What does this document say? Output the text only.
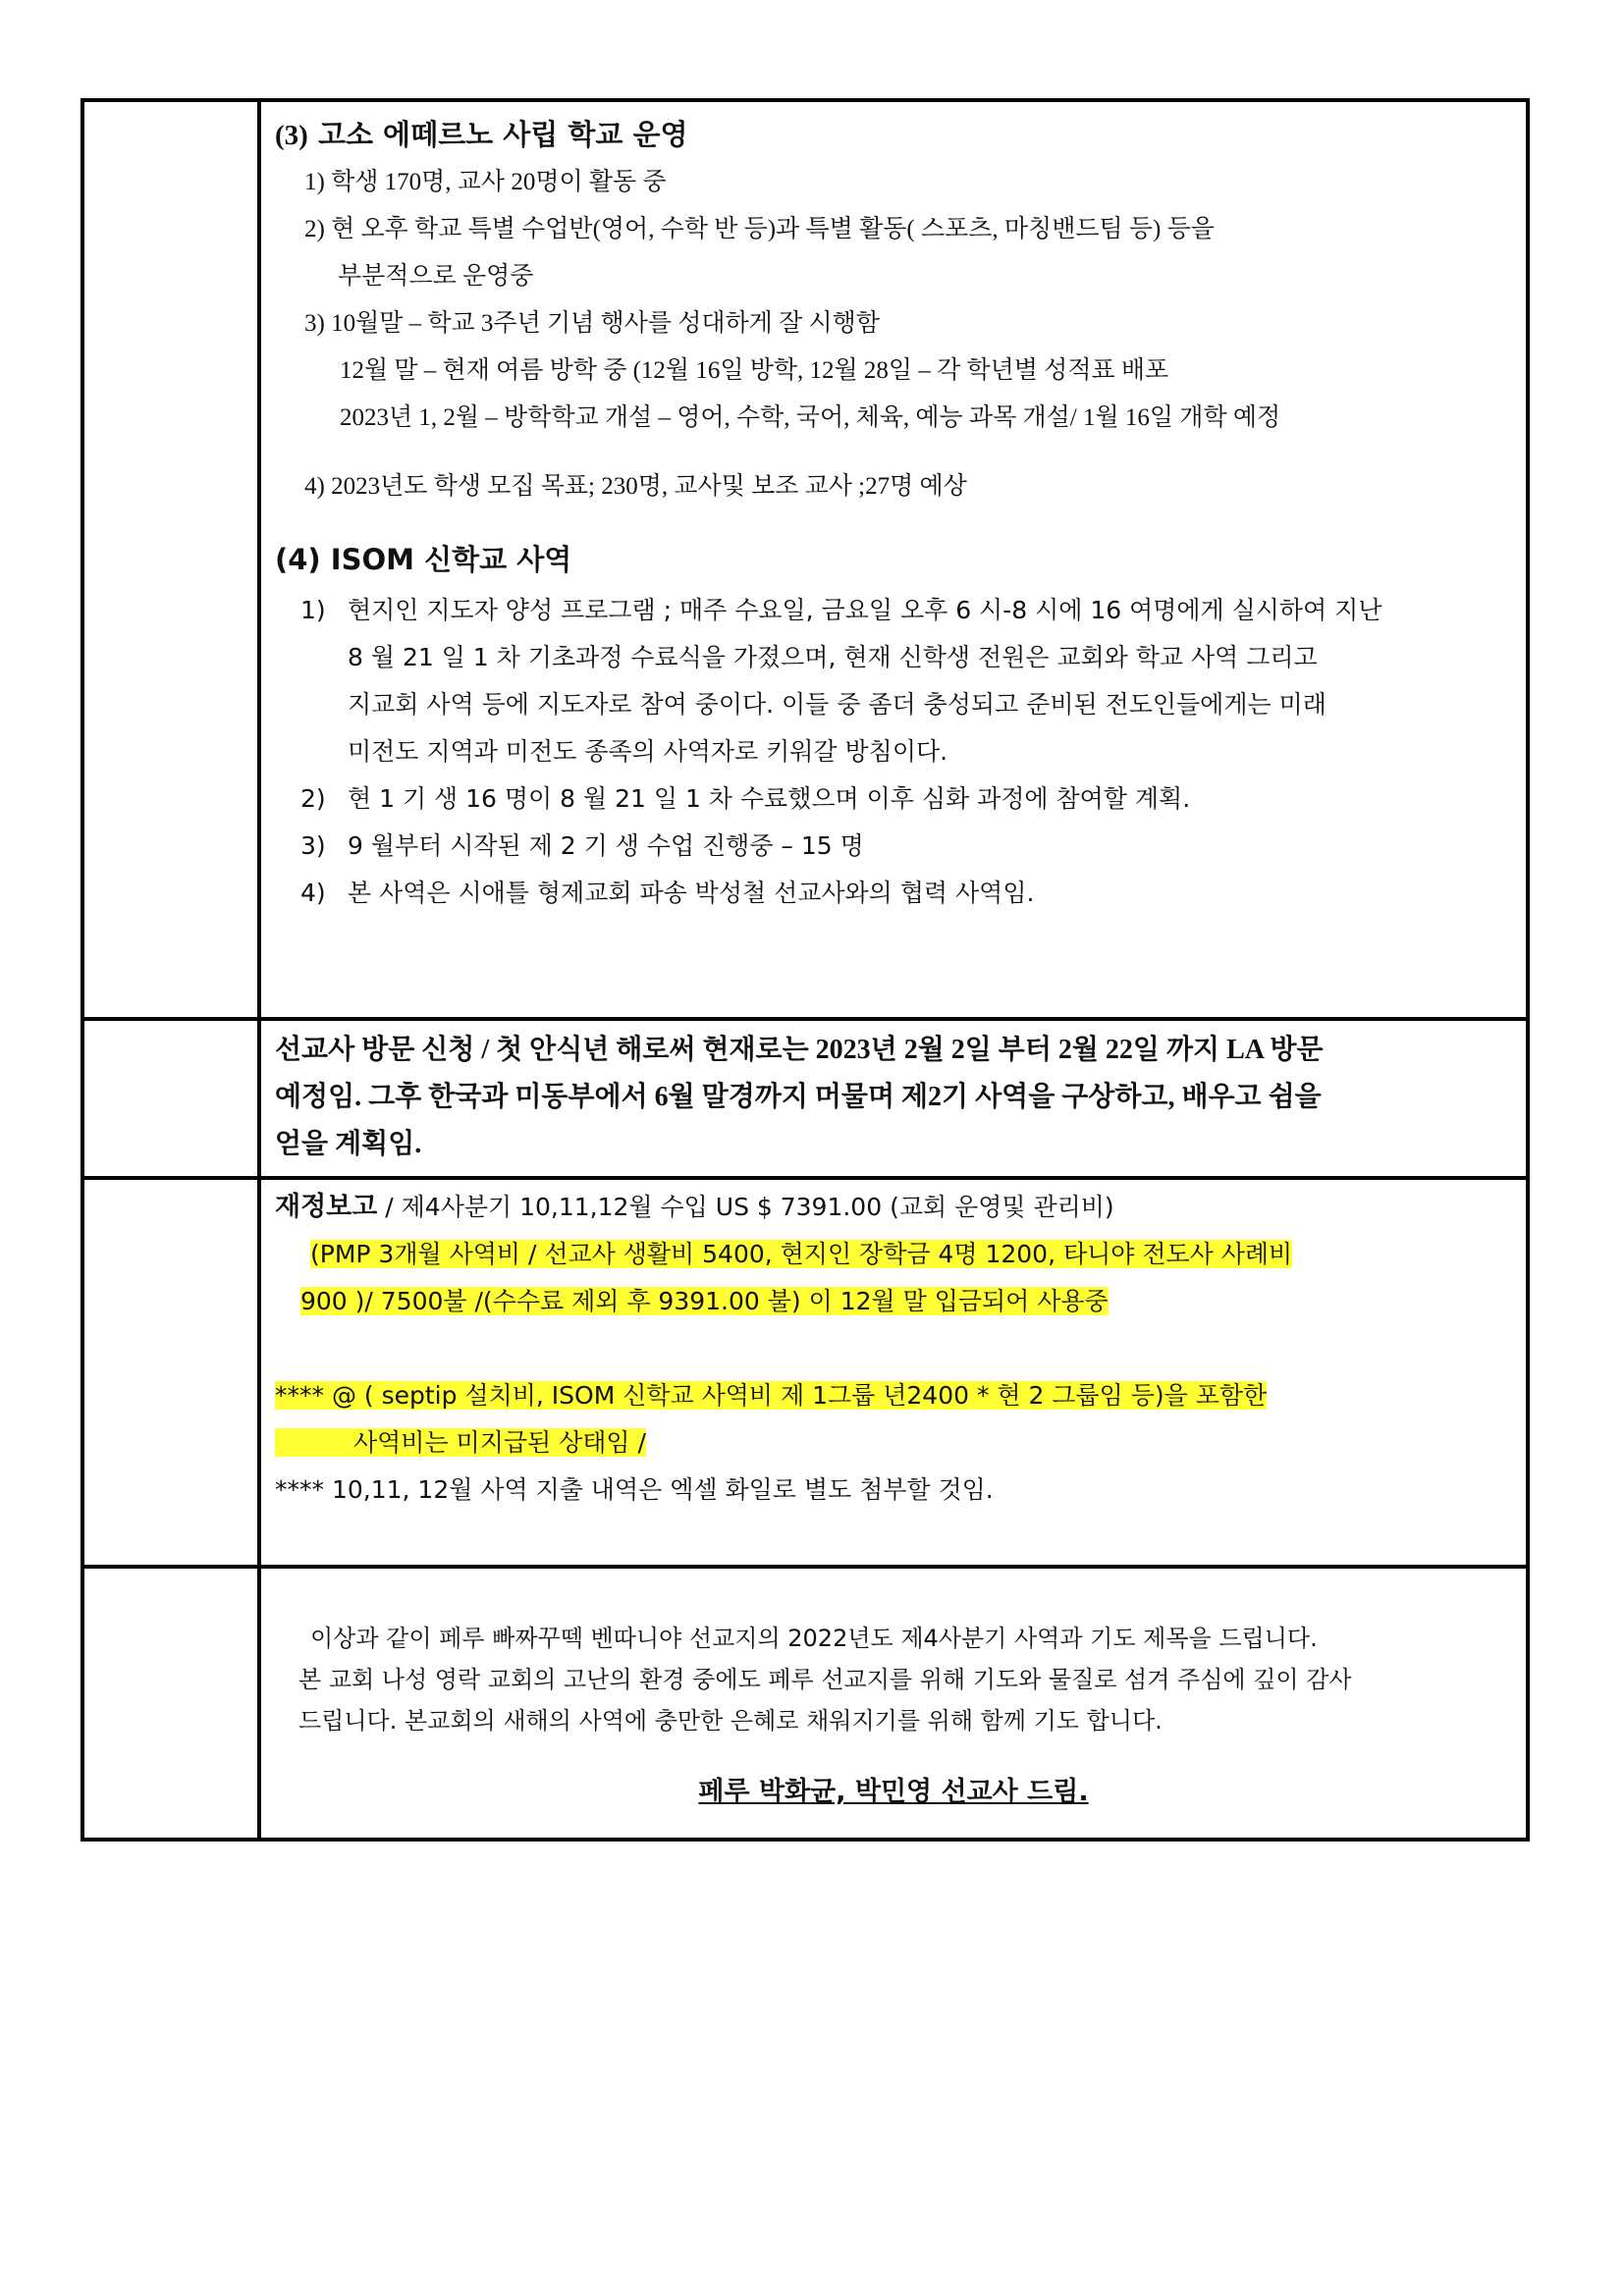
(3) 고소 에떼르노 사립 학교 운영
1) 학생 170명, 교사 20명이 활동 중
2) 현 오후 학교 특별 수업반(영어, 수학 반 등)과 특별 활동( 스포츠, 마칭밴드팀 등) 등을
부분적으로 운영중
3) 10월말 – 학교 3주년 기념 행사를 성대하게 잘 시행함
12월 말 – 현재 여름 방학 중 (12월 16일 방학, 12월 28일 – 각 학년별 성적표 배포
2023년 1, 2월 – 방학학교 개설 – 영어, 수학, 국어, 체육, 예능 과목 개설/ 1월 16일 개학 예정
4) 2023년도 학생 모집 목표; 230명, 교사및 보조 교사 ;27명 예상
(4) ISOM 신학교 사역
1) 현지인 지도자 양성 프로그램 ; 매주 수요일, 금요일 오후 6 시-8 시에 16 여명에게 실시하여 지난
8 월 21 일 1 차 기초과정 수료식을 가졌으며, 현재 신학생 전원은 교회와 학교 사역 그리고
지교회 사역 등에 지도자로 참여 중이다. 이들 중 좀더 충성되고 준비된 전도인들에게는 미래
미전도 지역과 미전도 종족의 사역자로 키워갈 방침이다.
2) 현 1 기 생 16 명이 8 월 21 일 1 차 수료했으며 이후 심화 과정에 참여할 계획.
3) 9 월부터 시작된 제 2 기 생 수업 진행중 – 15 명
4) 본 사역은 시애틀 형제교회 파송 박성철 선교사와의 협력 사역임.
선교사 방문 신청 / 첫 안식년 해로써 현재로는 2023년 2월 2일 부터 2월 22일 까지 LA 방문
예정임. 그후 한국과 미동부에서 6월 말경까지 머물며 제2기 사역을 구상하고, 배우고 쉼을
얻을 계획임.
재정보고 / 제4사분기 10,11,12월 수입 US $ 7391.00 (교회 운영및 관리비)
(PMP 3개월 사역비 / 선교사 생활비 5400, 현지인 장학금 4명 1200, 타니야 전도사 사례비
900 )/ 7500불 /(수수료 제외 후 9391.00 불) 이 12월 말 입금되어 사용중
**** @ ( septip 설치비, ISOM 신학교 사역비 제 1그룹 년2400 * 현 2 그룹임 등)을 포함한
사역비는 미지급된 상태임 /
**** 10,11, 12월 사역 지출 내역은 엑셀 화일로 별도 첨부할 것임.
이상과 같이 페루 빠짜꾸떽 벤따니야 선교지의 2022년도 제4사분기 사역과 기도 제목을 드립니다.
본 교회 나성 영락 교회의 고난의 환경 중에도 페루 선교지를 위해 기도와 물질로 섬겨 주심에 깊이 감사
드립니다. 본교회의 새해의 사역에 충만한 은혜로 채워지기를 위해 함께 기도 합니다.
페루 박화균, 박민영 선교사 드림.
